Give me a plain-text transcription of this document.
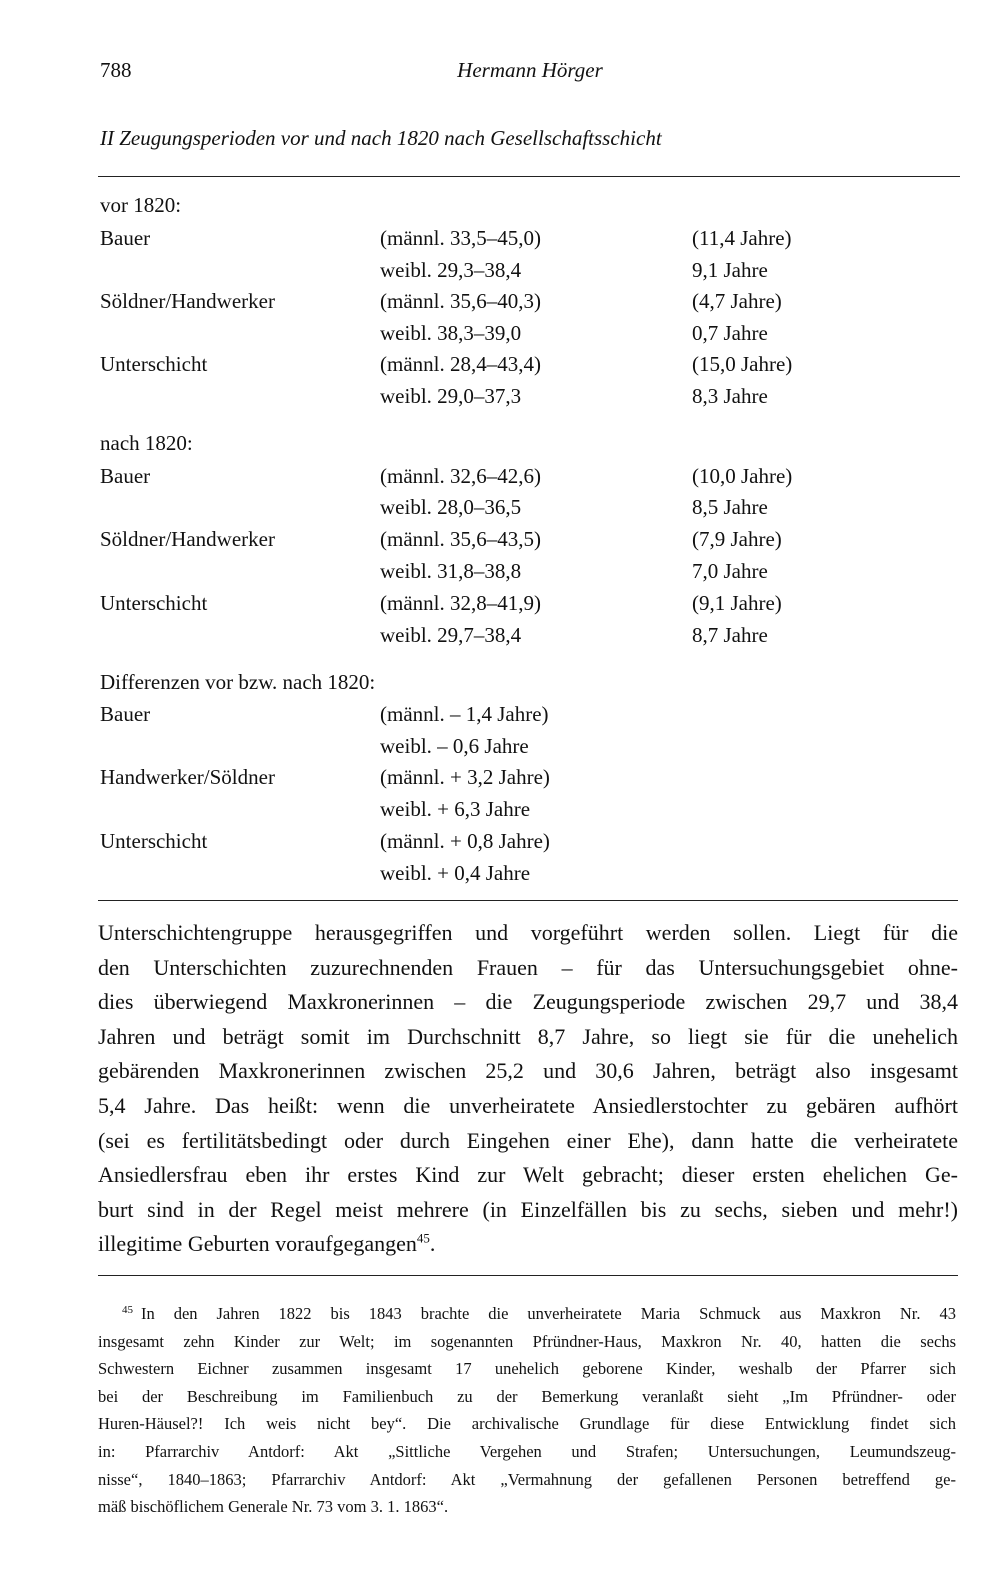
788	Hermann Hörger
II Zeugungsperioden vor und nach 1820 nach Gesellschaftsschicht
vor 1820:
Bauer	(männl. 33,5–45,0)	(11,4 Jahre)
weibl. 29,3–38,4	9,1 Jahre
Söldner/Handwerker	(männl. 35,6–40,3)	(4,7 Jahre)
weibl. 38,3–39,0	0,7 Jahre
Unterschicht	(männl. 28,4–43,4)	(15,0 Jahre)
weibl. 29,0–37,3	8,3 Jahre
nach 1820:
Bauer	(männl. 32,6–42,6)	(10,0 Jahre)
weibl. 28,0–36,5	8,5 Jahre
Söldner/Handwerker	(männl. 35,6–43,5)	(7,9 Jahre)
weibl. 31,8–38,8	7,0 Jahre
Unterschicht	(männl. 32,8–41,9)	(9,1 Jahre)
weibl. 29,7–38,4	8,7 Jahre
Differenzen vor bzw. nach 1820:
Bauer	(männl. – 1,4 Jahre)
weibl. – 0,6 Jahre
Handwerker/Söldner	(männl. + 3,2 Jahre)
weibl. + 6,3 Jahre
Unterschicht	(männl. + 0,8 Jahre)
weibl. + 0,4 Jahre
Unterschichtengruppe herausgegriffen und vorgeführt werden sollen. Liegt für die
den Unterschichten zuzurechnenden Frauen – für das Untersuchungsgebiet ohne-
dies überwiegend Maxkronerinnen – die Zeugungsperiode zwischen 29,7 und 38,4
Jahren und beträgt somit im Durchschnitt 8,7 Jahre, so liegt sie für die unehelich
gebärenden Maxkronerinnen zwischen 25,2 und 30,6 Jahren, beträgt also insgesamt
5,4 Jahre. Das heißt: wenn die unverheiratete Ansiedlerstochter zu gebären aufhört
(sei es fertilitätsbedingt oder durch Eingehen einer Ehe), dann hatte die verheiratete
Ansiedlersfrau eben ihr erstes Kind zur Welt gebracht; dieser ersten ehelichen Ge-
burt sind in der Regel meist mehrere (in Einzelfällen bis zu sechs, sieben und mehr!)
illegitime Geburten voraufgegangen$^{45}$.
$^{45}$ In den Jahren 1822 bis 1843 brachte die unverheiratete Maria Schmuck aus Maxkron Nr. 43
insgesamt zehn Kinder zur Welt; im sogenannten Pfründner-Haus, Maxkron Nr. 40, hatten die sechs
Schwestern Eichner zusammen insgesamt 17 unehelich geborene Kinder, weshalb der Pfarrer sich
bei der Beschreibung im Familienbuch zu der Bemerkung veranlaßt sieht „Im Pfründner- oder
Huren-Häusel?! Ich weis nicht bey“. Die archivalische Grundlage für diese Entwicklung findet sich
in: Pfarrarchiv Antdorf: Akt „Sittliche Vergehen und Strafen; Untersuchungen, Leumundszeug-
nisse“, 1840–1863; Pfarrarchiv Antdorf: Akt „Vermahnung der gefallenen Personen betreffend ge-
mäß bischöflichem Generale Nr. 73 vom 3. 1. 1863“.
